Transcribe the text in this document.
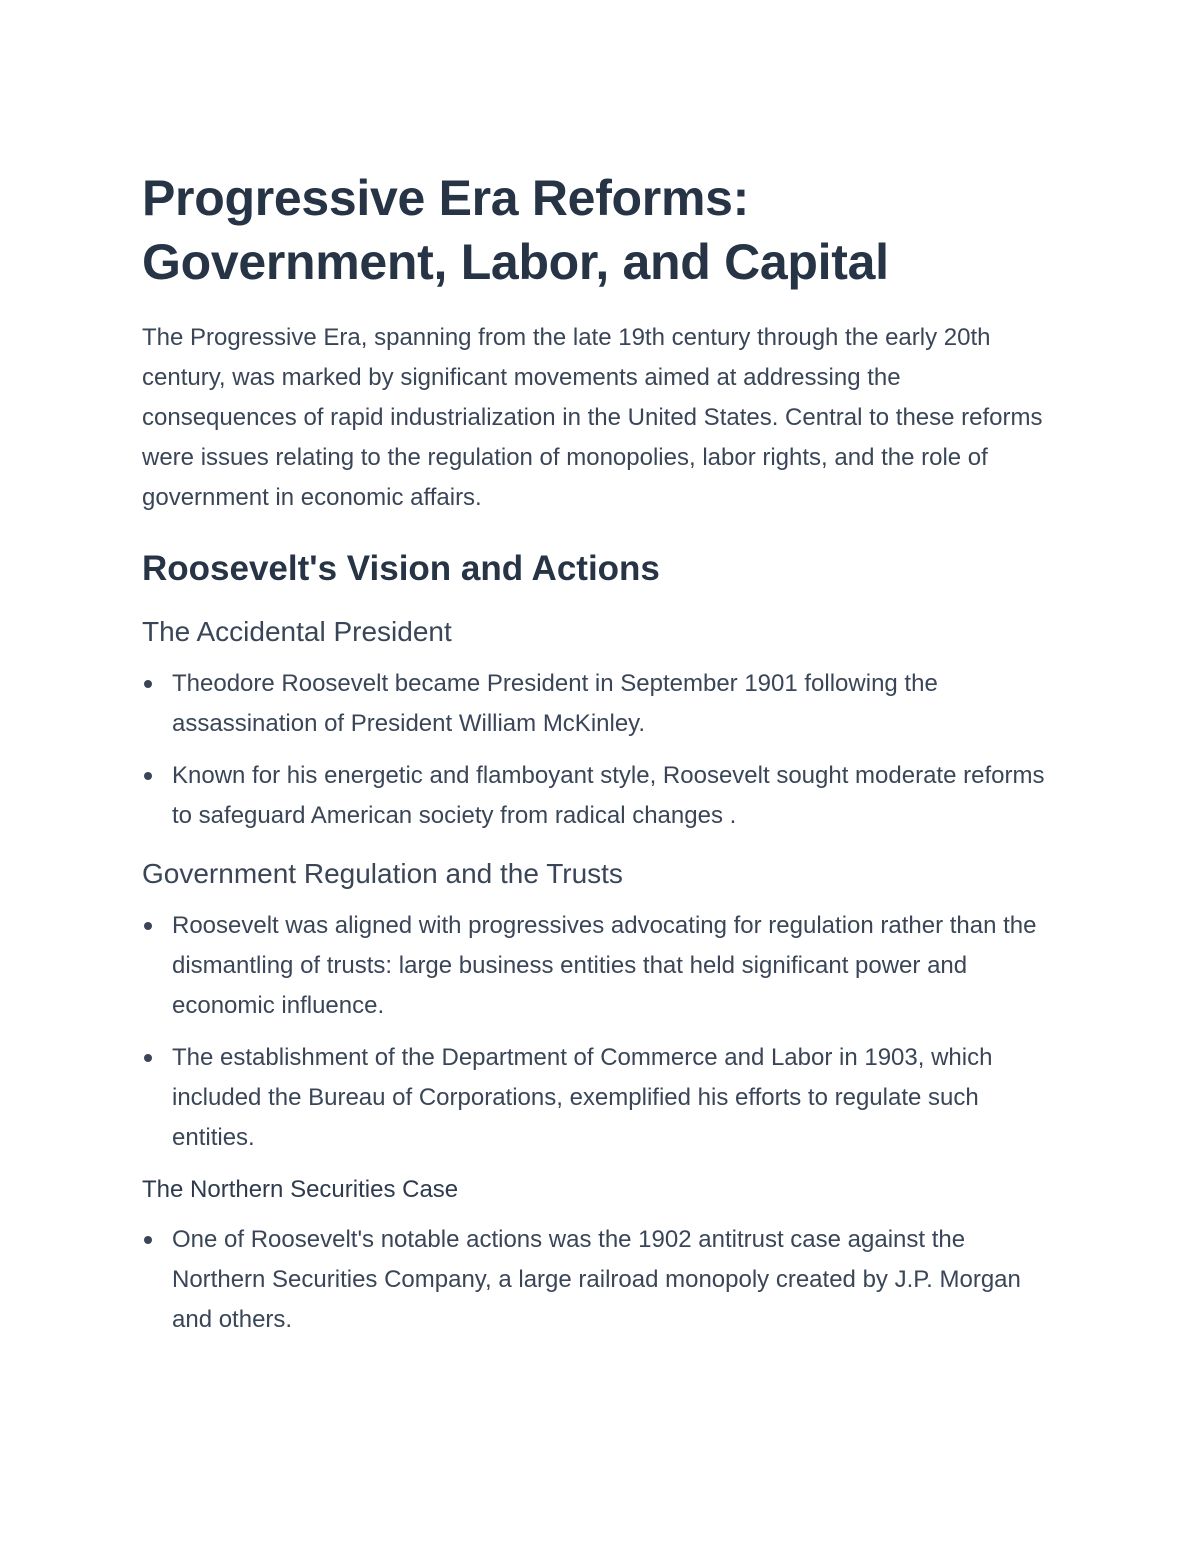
Progressive Era Reforms: Government, Labor, and Capital

The Progressive Era, spanning from the late 19th century through the early 20th century, was marked by significant movements aimed at addressing the consequences of rapid industrialization in the United States. Central to these reforms were issues relating to the regulation of monopolies, labor rights, and the role of government in economic affairs.

Roosevelt's Vision and Actions
The Accidental President
Theodore Roosevelt became President in September 1901 following the assassination of President William McKinley.
Known for his energetic and flamboyant style, Roosevelt sought moderate reforms to safeguard American society from radical changes .
Government Regulation and the Trusts
Roosevelt was aligned with progressives advocating for regulation rather than the dismantling of trusts: large business entities that held significant power and economic influence.
The establishment of the Department of Commerce and Labor in 1903, which included the Bureau of Corporations, exemplified his efforts to regulate such entities.
The Northern Securities Case
One of Roosevelt's notable actions was the 1902 antitrust case against the Northern Securities Company, a large railroad monopoly created by J.P. Morgan and others.
